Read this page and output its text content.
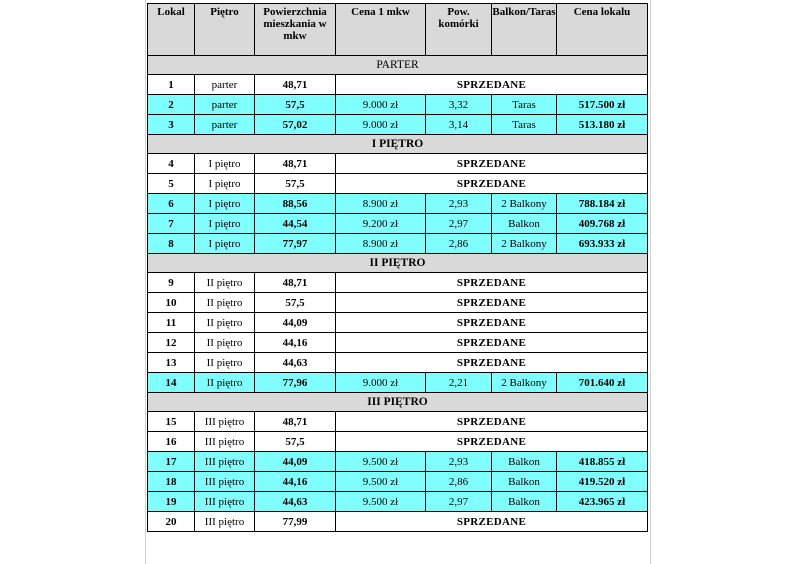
Lokal	Piętro	Powierzchnia mieszkania w mkw	Cena 1 mkw	Pow. komórki	Balkon/Taras	Cena lokalu
PARTER						
1	parter	48,71	SPRZEDANE			
2	parter	57,5	9.000 zł	3,32	Taras	517.500 zł
3	parter	57,02	9.000 zł	3,14	Taras	513.180 zł
I PIĘTRO						
4	I piętro	48,71	SPRZEDANE			
5	I piętro	57,5	SPRZEDANE			
6	I piętro	88,56	8.900 zł	2,93	2 Balkony	788.184 zł
7	I piętro	44,54	9.200 zł	2,97	Balkon	409.768 zł
8	I piętro	77,97	8.900 zł	2,86	2 Balkony	693.933 zł
II PIĘTRO						
9	II piętro	48,71	SPRZEDANE			
10	II piętro	57,5	SPRZEDANE			
11	II piętro	44,09	SPRZEDANE			
12	II piętro	44,16	SPRZEDANE			
13	II piętro	44,63	SPRZEDANE			
14	II piętro	77,96	9.000 zł	2,21	2 Balkony	701.640 zł
III PIĘTRO						
15	III piętro	48,71	SPRZEDANE			
16	III piętro	57,5	SPRZEDANE			
17	III piętro	44,09	9.500 zł	2,93	Balkon	418.855 zł
18	III piętro	44,16	9.500 zł	2,86	Balkon	419.520 zł
19	III piętro	44,63	9.500 zł	2,97	Balkon	423.965 zł
20	III piętro	77,99	SPRZEDANE			
